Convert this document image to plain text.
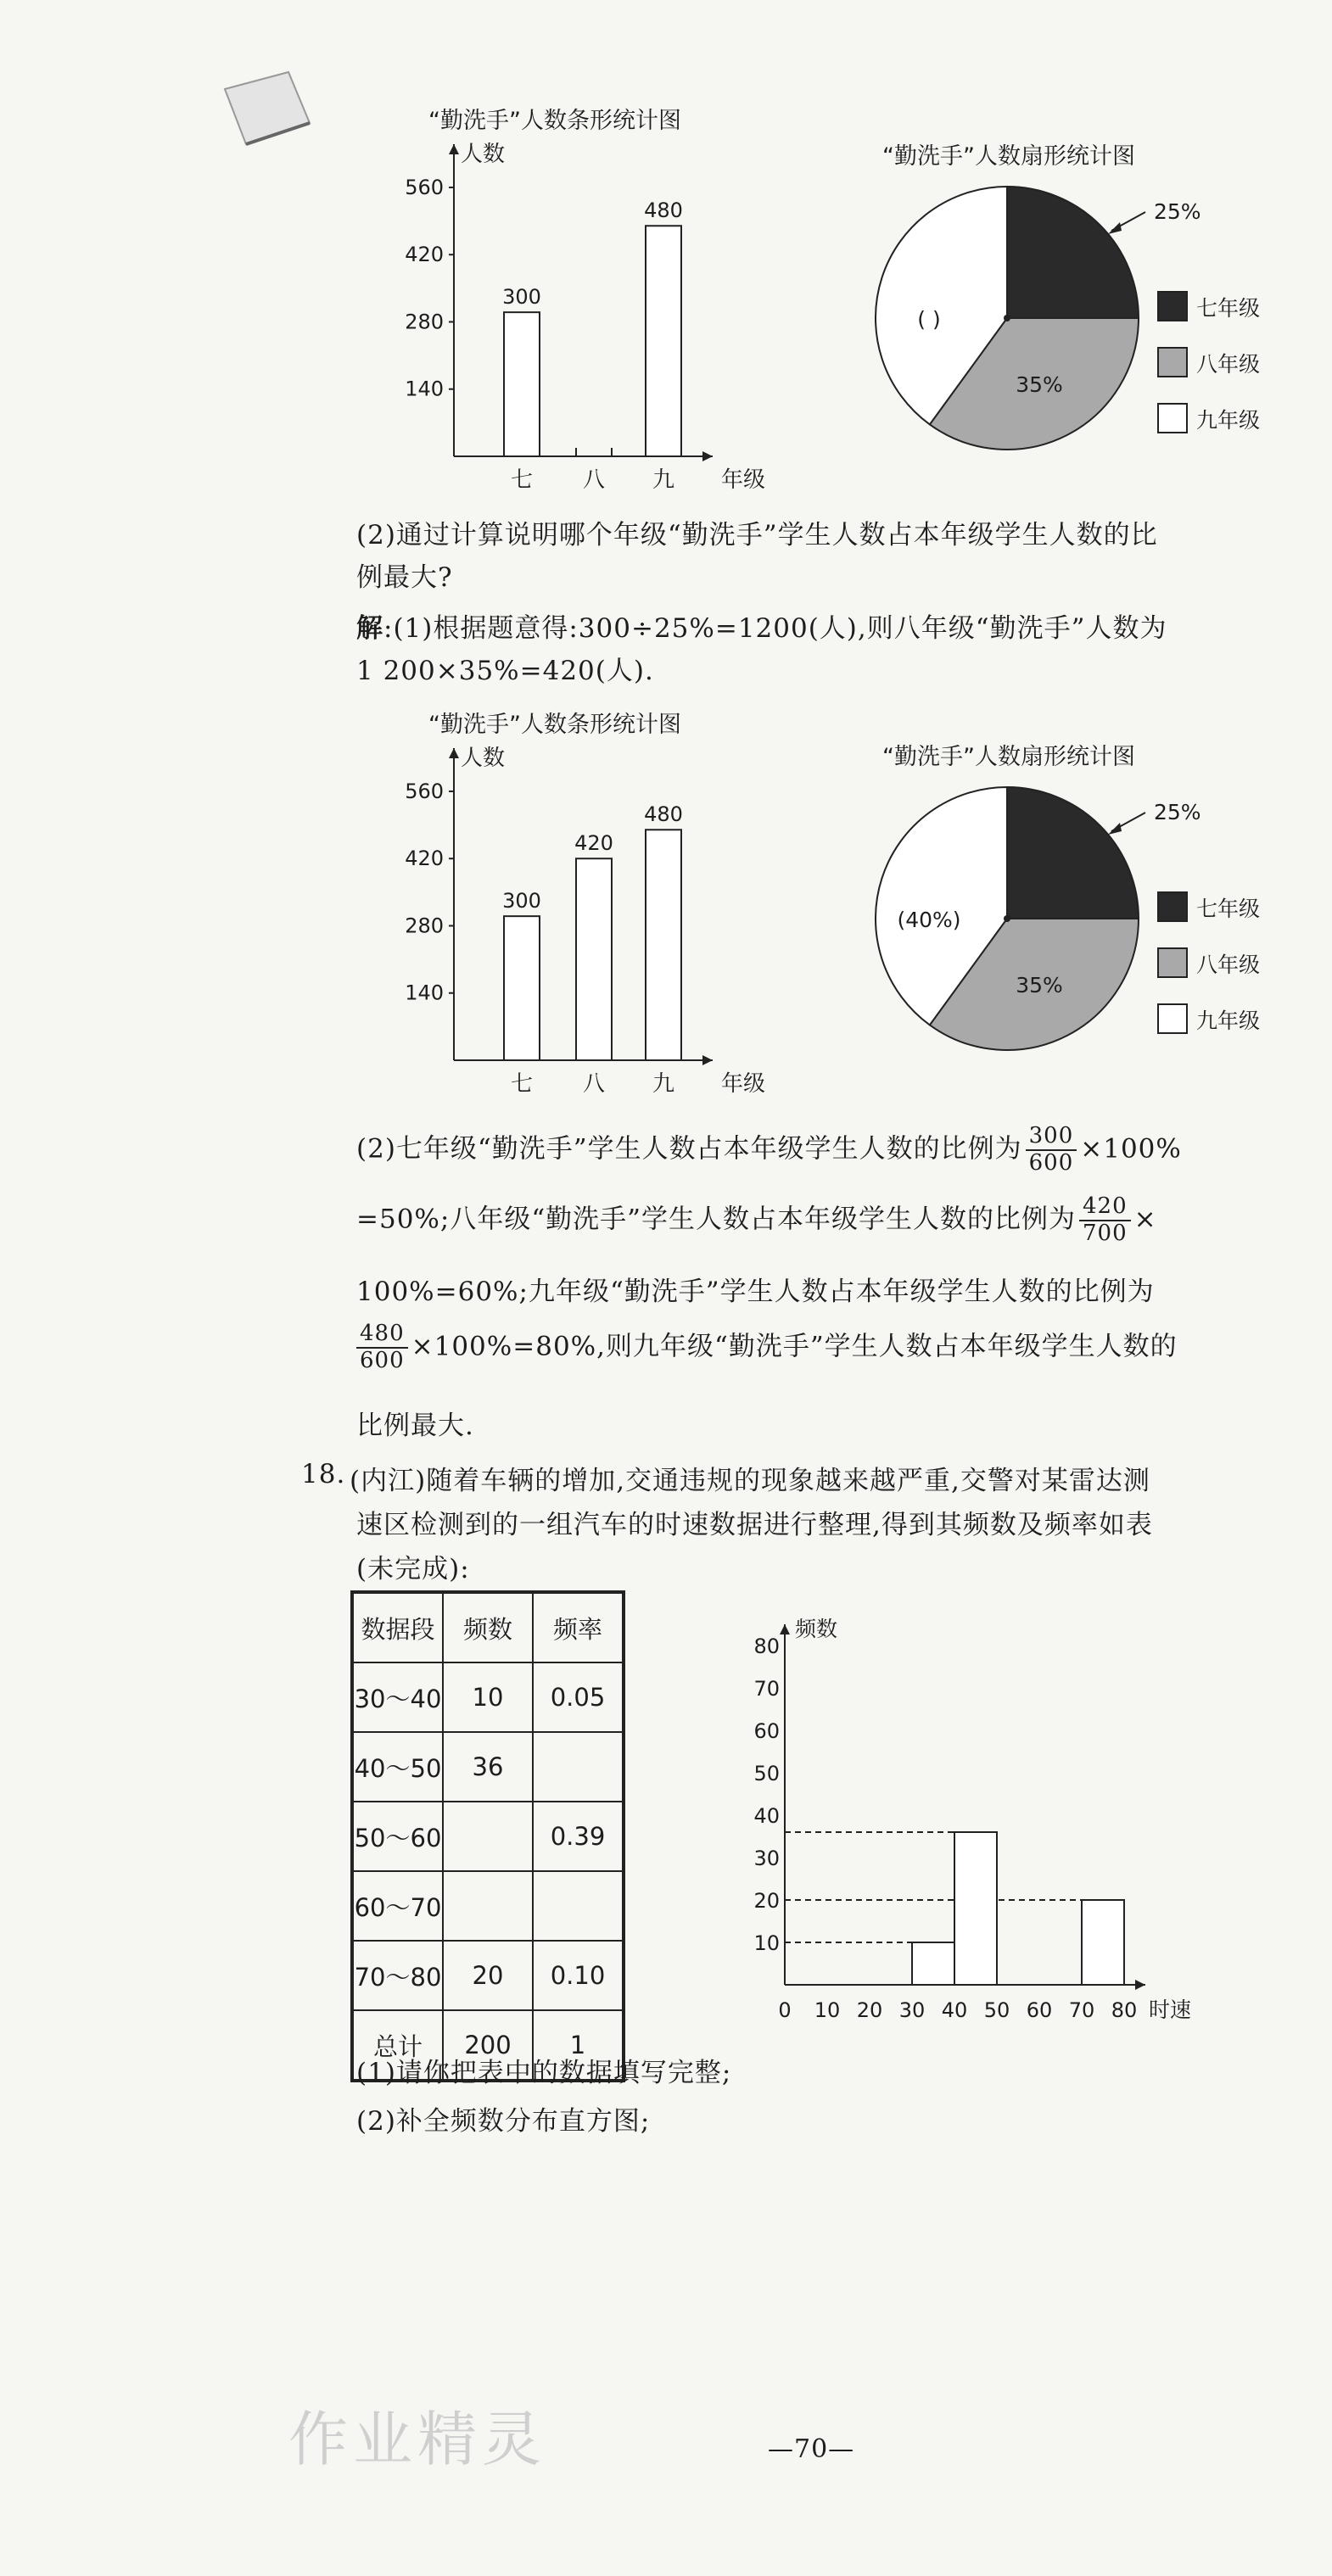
“勤洗手”人数条形统计图
人数
年级
140
280
420
560
七
300
八 九
480
“勤洗手”人数扇形统计图
25%
35%
( )	七年级
八年级
九年级
(2)通过计算说明哪个年级“勤洗手”学生人数占本年级学生人数的比
例最大?
解:(1)根据题意得:300÷25%=1200(人),则八年级“勤洗手”人数为
1 200×35%=420(人).
“勤洗手”人数条形统计图
人数
年级
140
280
420
560
七
300
八
420
九
480
“勤洗手”人数扇形统计图
25%
35%
(40%)	七年级
八年级
九年级
(2)七年级“勤洗手”学生人数占本年级学生人数的比例为 $\frac{300}{600} \times 100\%$
=50%;八年级“勤洗手”学生人数占本年级学生人数的比例为 $\frac{420}{700}$ ×
100%=60%;九年级“勤洗手”学生人数占本年级学生人数的比例为
$\frac{480}{600} \times 100\%=80\%$,则九年级“勤洗手”学生人数占本年级学生人数的
比例最大.
18. (内江)随着车辆的增加,交通违规的现象越来越严重,交警对某雷达测
速区检测到的一组汽车的时速数据进行整理,得到其频数及频率如表
(未完成):
数据段	频数	频率
30～40	10	0.05
40～50	36	
50～60		0.39
60～70		
70～80	20	0.10
总计	200	1
频数
时速
10
20
30
40
50
60
70
80
0 10 20 30 40 50 60 70 80
(1)请你把表中的数据填写完整;
(2)补全频数分布直方图;
作业精灵	—70—
